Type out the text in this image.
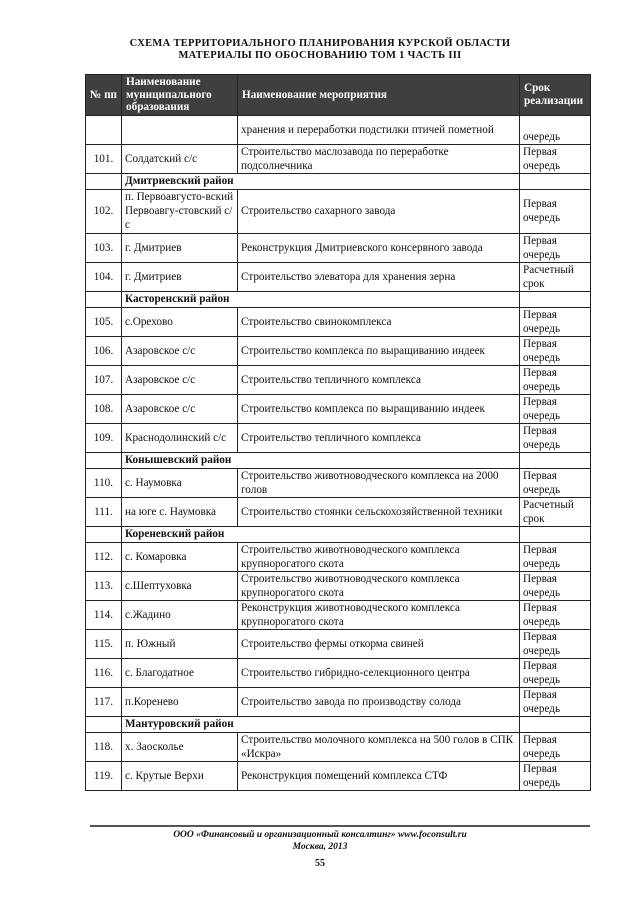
СХЕМА ТЕРРИТОРИАЛЬНОГО ПЛАНИРОВАНИЯ КУРСКОЙ ОБЛАСТИ
МАТЕРИАЛЫ ПО ОБОСНОВАНИЮ ТОМ 1 ЧАСТЬ III
№ пп	Наименование муниципального образования	Наименование мероприятия	Срок реализации
		хранения и переработки подстилки птичей пометной	очередь
101.	Солдатский с/с	Строительство маслозавода по переработке подсолнечника	Первая очередь
	Дмитриевский район		
102.	п. Первоавгусто-вский Первоавгу-стовский с/с	Строительство сахарного завода	Первая очередь
103.	г. Дмитриев	Реконструкция Дмитриевского консервного завода	Первая очередь
104.	г. Дмитриев	Строительство элеватора для хранения зерна	Расчетный срок
	Касторенский район		
105.	с.Орехово	Строительство свинокомплекса	Первая очередь
106.	Азаровское с/с	Строительство комплекса по выращиванию индеек	Первая очередь
107.	Азаровское с/с	Строительство тепличного комплекса	Первая очередь
108.	Азаровское с/с	Строительство комплекса по выращиванию индеек	Первая очередь
109.	Краснодолинский с/с	Строительство тепличного комплекса	Первая очередь
	Конышевский район		
110.	с. Наумовка	Строительство животноводческого комплекса на 2000 голов	Первая очередь
111.	на юге с. Наумовка	Строительство стоянки сельскохозяйственной техники	Расчетный срок
	Кореневский район		
112.	с. Комаровка	Строительство животноводческого комплекса крупнорогатого скота	Первая очередь
113.	с.Шептуховка	Строительство животноводческого комплекса крупнорогатого скота	Первая очередь
114.	с.Жадино	Реконструкция животноводческого комплекса крупнорогатого скота	Первая очередь
115.	п. Южный	Строительство фермы откорма свиней	Первая очередь
116.	с. Благодатное	Строительство гибридно-селекционного центра	Первая очередь
117.	п.Коренево	Строительство завода по производству солода	Первая очередь
	Мантуровский район		
118.	х. Заосколье	Строительство молочного комплекса на 500 голов в СПК «Искра»	Первая очередь
119.	с. Крутые Верхи	Реконструкция помещений комплекса СТФ	Первая очередь
ООО «Финансовый и организационный консалтинг» www.foconsult.ru
Москва, 2013
55
